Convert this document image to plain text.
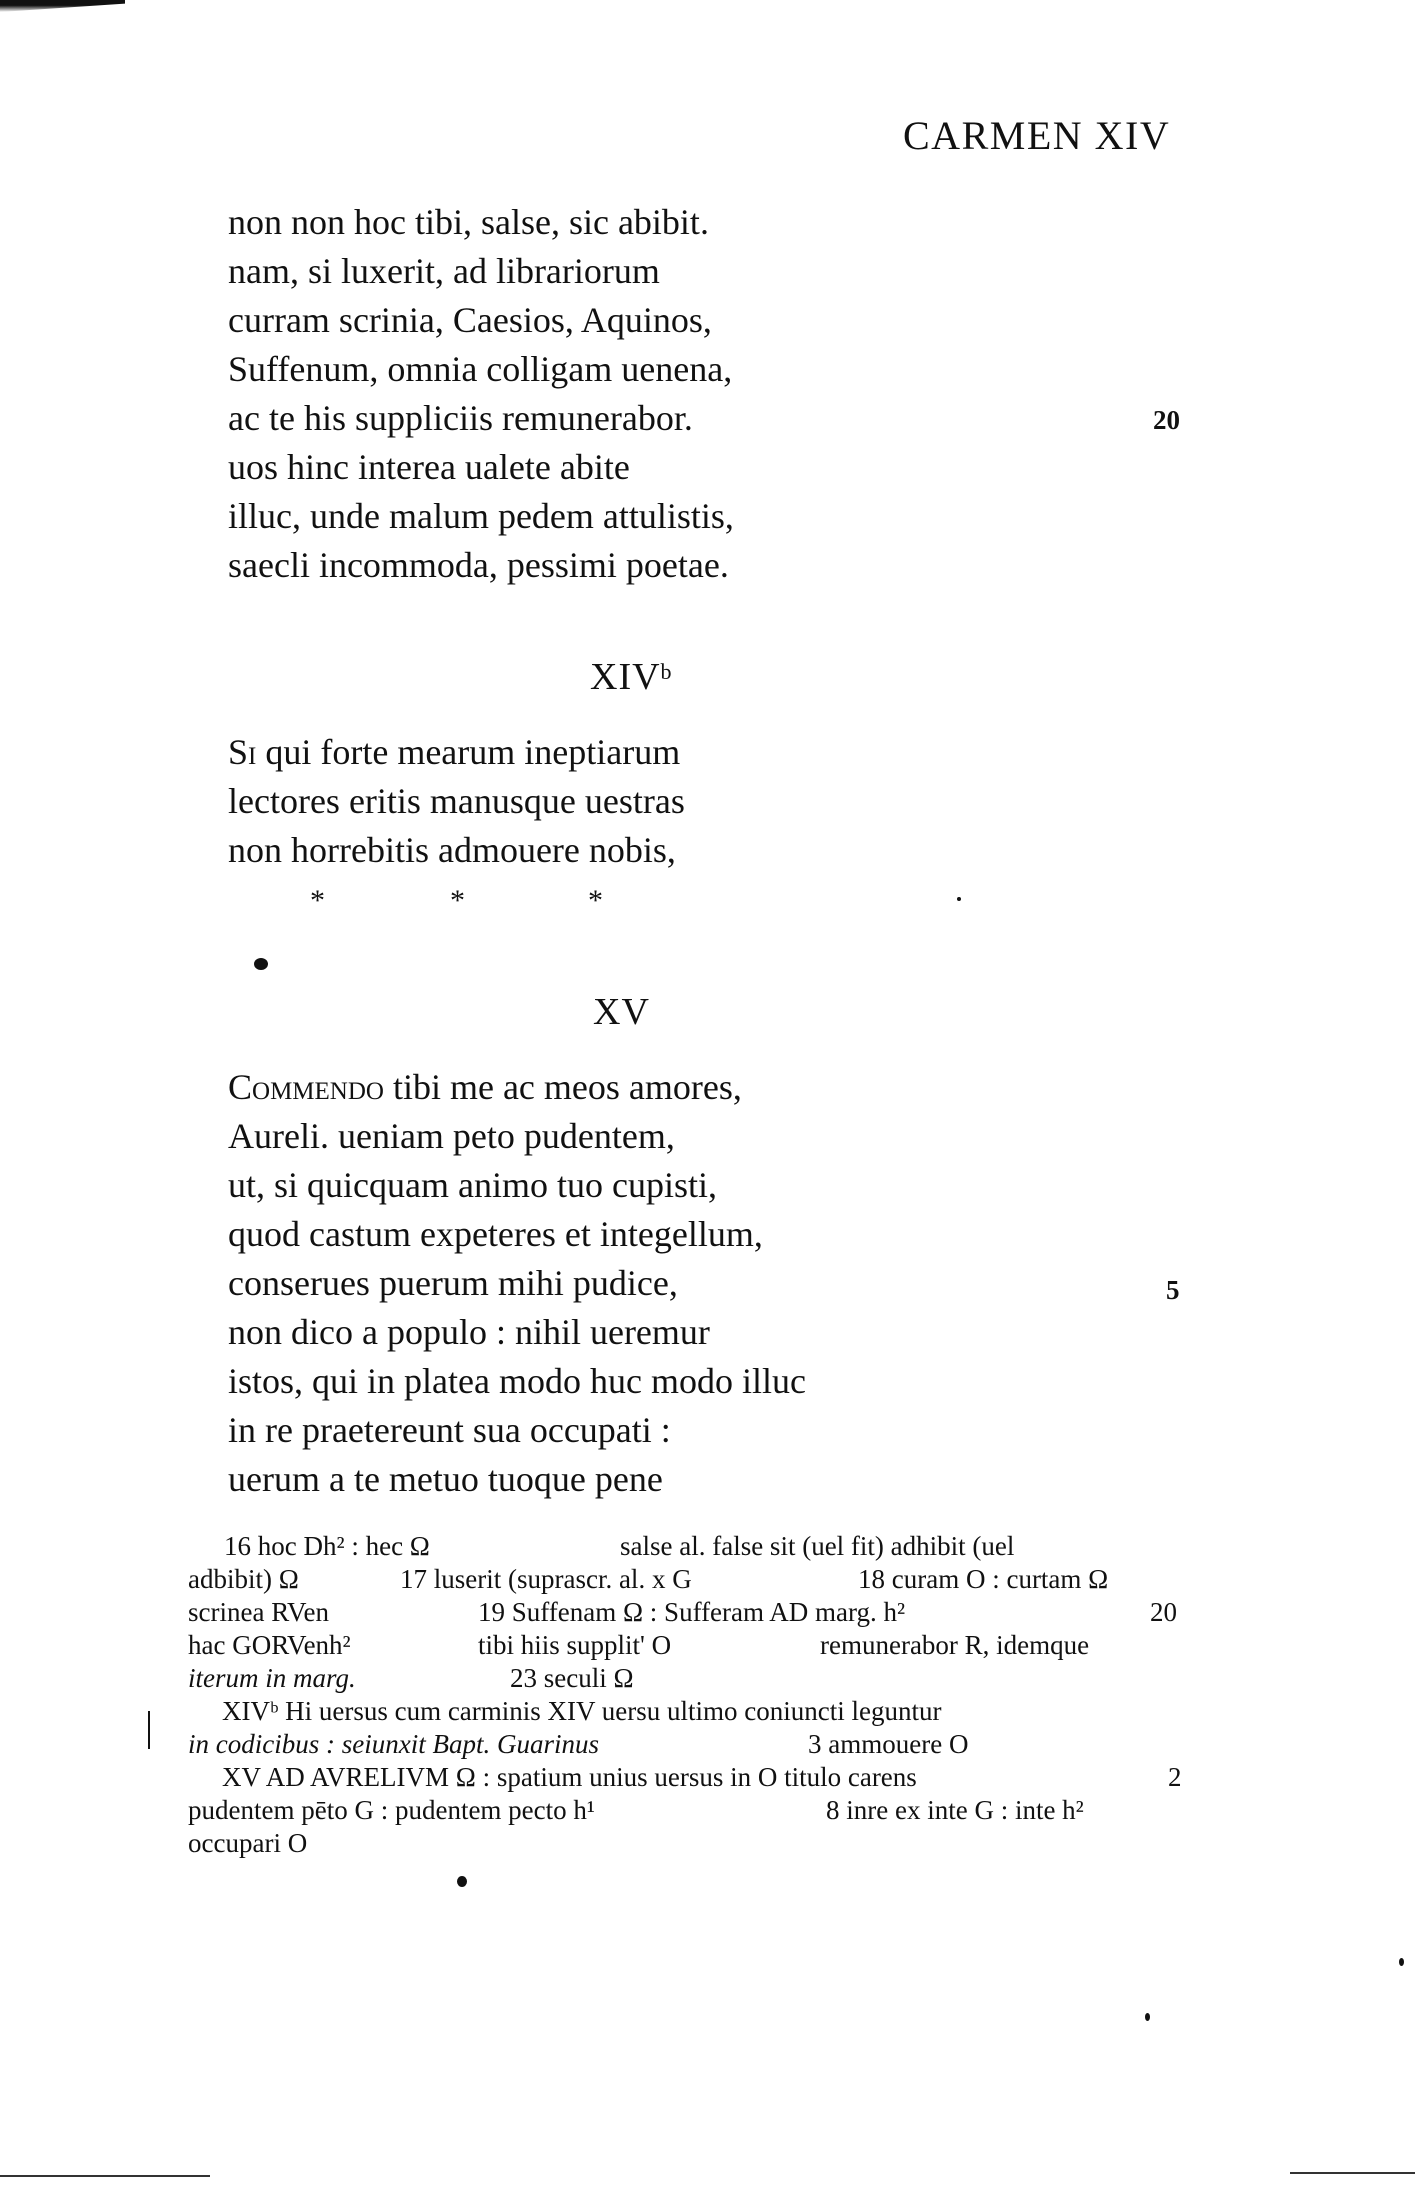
CARMEN XIV
non non hoc tibi, salse, sic abibit.
nam, si luxerit, ad librariorum
curram scrinia, Caesios, Aquinos,
Suffenum, omnia colligam uenena,
ac te his suppliciis remunerabor.
uos hinc interea ualete abite
illuc, unde malum pedem attulistis,
saecli incommoda, pessimi poetae.
20
XIV$^b$
Si qui forte mearum ineptiarum
lectores eritis manusque uestras
non horrebitis admouere nobis,
*	*	*
XV
Commendo tibi me ac meos amores,
Aureli. ueniam peto pudentem,
ut, si quicquam animo tuo cupisti,
quod castum expeteres et integellum,
conserues puerum mihi pudice,
non dico a populo : nihil ueremur
istos, qui in platea modo huc modo illuc
in re praetereunt sua occupati :
uerum a te metuo tuoque pene
5
16 hoc Dh² : hec Ω	salse al. false sit (uel fit) adhibit (uel
adbibit) Ω	17 luserit (suprascr. al. x G	18 curam O : curtam Ω
scrinea RVen	19 Suffenam Ω : Sufferam AD marg. h²	20
hac GORVenh²	tibi hiis supplit' O	remunerabor R, idemque
iterum in marg.	23 seculi Ω
XIVᵇ Hi uersus cum carminis XIV uersu ultimo coniuncti leguntur
in codicibus : seiunxit Bapt. Guarinus	3 ammouere O
XV AD AVRELIVM Ω : spatium unius uersus in O titulo carens	2
pudentem pēto G : pudentem pecto h¹	8 inre ex inte G : inte h²
occupari O
